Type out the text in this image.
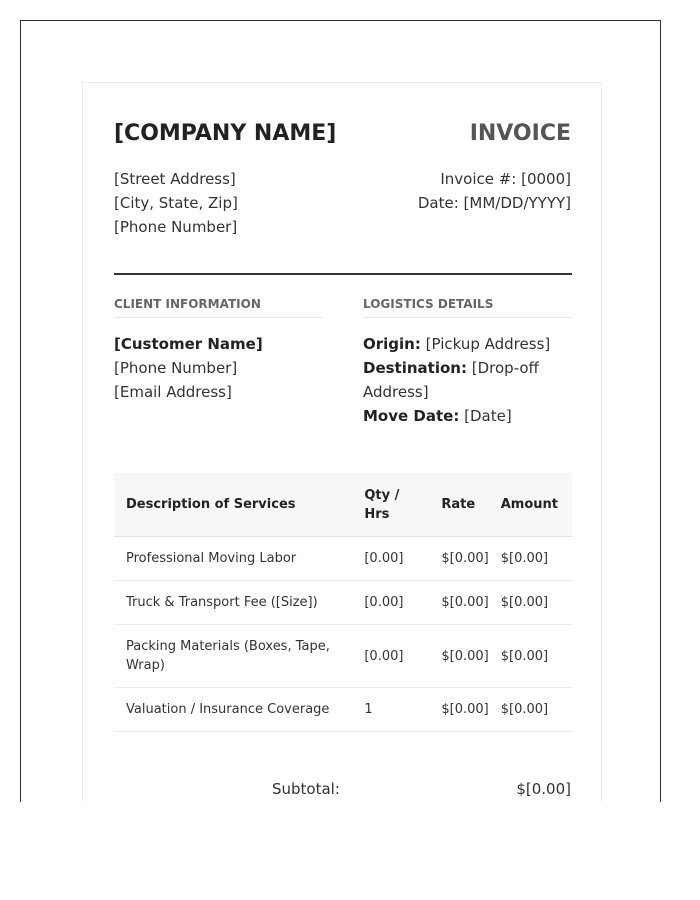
[COMPANY NAME]	INVOICE
[Street Address]
[City, State, Zip]
[Phone Number]
Invoice #: [0000]
Date: [MM/DD/YYYY]
CLIENT INFORMATION	LOGISTICS DETAILS
[Customer Name]
[Phone Number]
[Email Address]
Origin: [Pickup Address]
Destination: [Drop-off Address]
Move Date: [Date]
Description of Services	Qty / Hrs	Rate	Amount
Professional Moving Labor	[0.00]	$[0.00]	$[0.00]
Truck & Transport Fee ([Size])	[0.00]	$[0.00]	$[0.00]
Packing Materials (Boxes, Tape, Wrap)	[0.00]	$[0.00]	$[0.00]
Valuation / Insurance Coverage	1	$[0.00]	$[0.00]
Subtotal:	$[0.00]
